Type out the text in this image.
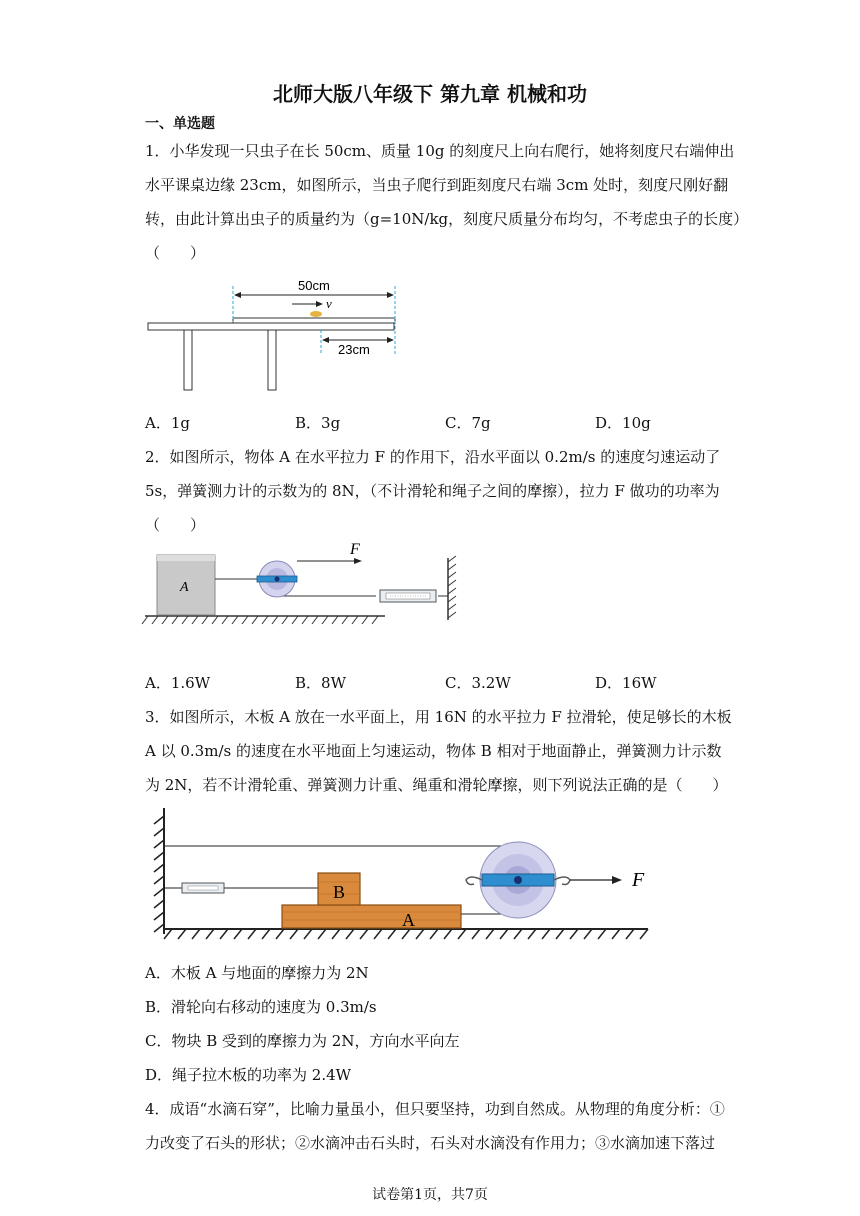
北师大版八年级下 第九章 机械和功
一、单选题
1．小华发现一只虫子在长 50cm、质量 10g 的刻度尺上向右爬行，她将刻度尺右端伸出
水平课桌边缘 23cm，如图所示，当虫子爬行到距刻度尺右端 3cm 处时，刻度尺刚好翻
转，由此计算出虫子的质量约为（g=10N/kg，刻度尺质量分布均匀，不考虑虫子的长度）
（　　）
50cm
v
23cm
A．1g	B．3g	C．7g	D．10g
2．如图所示，物体 A 在水平拉力 F 的作用下，沿水平面以 0.2m/s 的速度匀速运动了
5s，弹簧测力计的示数为的 8N，（不计滑轮和绳子之间的摩擦），拉力 F 做功的功率为
（　　）
A
F
A．1.6W	B．8W	C．3.2W	D．16W
3．如图所示，木板 A 放在一水平面上，用 16N 的水平拉力 F 拉滑轮，使足够长的木板
A 以 0.3m/s 的速度在水平地面上匀速运动，物体 B 相对于地面静止，弹簧测力计示数
为 2N，若不计滑轮重、弹簧测力计重、绳重和滑轮摩擦，则下列说法正确的是（　　）
A
B
F
A．木板 A 与地面的摩擦力为 2N
B．滑轮向右移动的速度为 0.3m/s
C．物块 B 受到的摩擦力为 2N，方向水平向左
D．绳子拉木板的功率为 2.4W
4．成语“水滴石穿”，比喻力量虽小，但只要坚持，功到自然成。从物理的角度分析：①
力改变了石头的形状；②水滴冲击石头时，石头对水滴没有作用力；③水滴加速下落过
试卷第1页，共7页
